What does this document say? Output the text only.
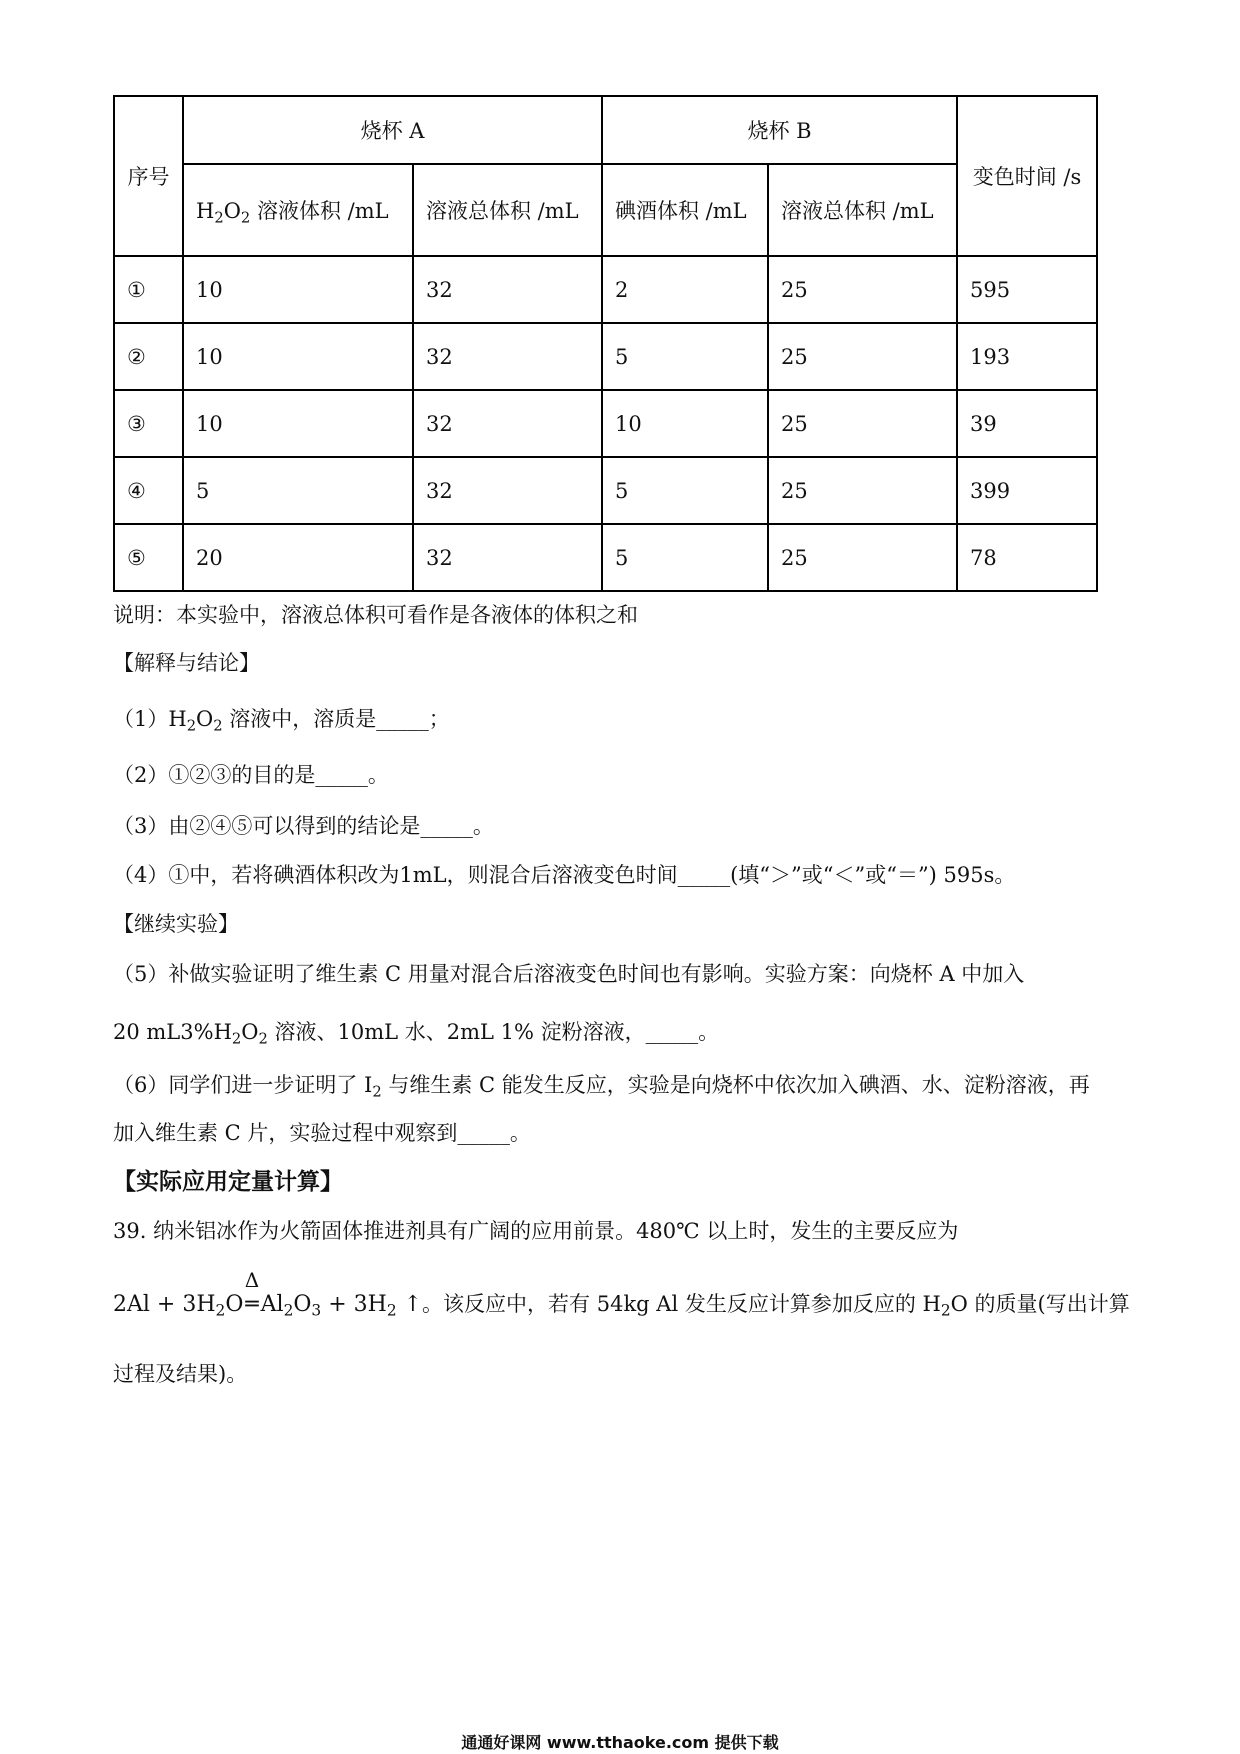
序号	烧杯 A		烧杯 B		变色时间 /s
	$H_2O_2$ 溶液体积 /mL	溶液总体积 /mL	碘酒体积 /mL	溶液总体积 /mL	
①	10	32	2	25	595
②	10	32	5	25	193
③	10	32	10	25	39
④	5	32	5	25	399
⑤	20	32	5	25	78
说明：本实验中，溶液总体积可看作是各液体的体积之和
【解释与结论】
$(1)H_2O_2$ 溶液中，溶质是_____；
（2）①②③的目的是_____。
（3）由②④⑤可以得到的结论是_____。
（4）①中，若将碘酒体积改为1mL，则混合后溶液变色时间_____(填“＞”或“＜”或“＝”) 595s。
【继续实验】
（5）补做实验证明了维生素 C 用量对混合后溶液变色时间也有影响。实验方案：向烧杯 A 中加入
20 $mL3\%H_2O_2$ 溶液、10mL 水、2mL 1% 淀粉溶液，_____。
（6）同学们进一步证明了 $I_2$ 与维生素 C 能发生反应，实验是向烧杯中依次加入碘酒、水、淀粉溶液，再
加入维生素 C 片，实验过程中观察到_____。
【实际应用定量计算】
39. 纳米铝冰作为火箭固体推进剂具有广阔的应用前景。480℃ 以上时，发生的主要反应为
$2Al + 3H_2O$
Δ
$═Al_2O_3 + 3H_2$ ↑。该反应中，若有 54kg Al 发生反应计算参加反应的 $H_2O$ 的质量(写出计算
过程及结果)。
通通好课网 www.tthaoke.com 提供下载
